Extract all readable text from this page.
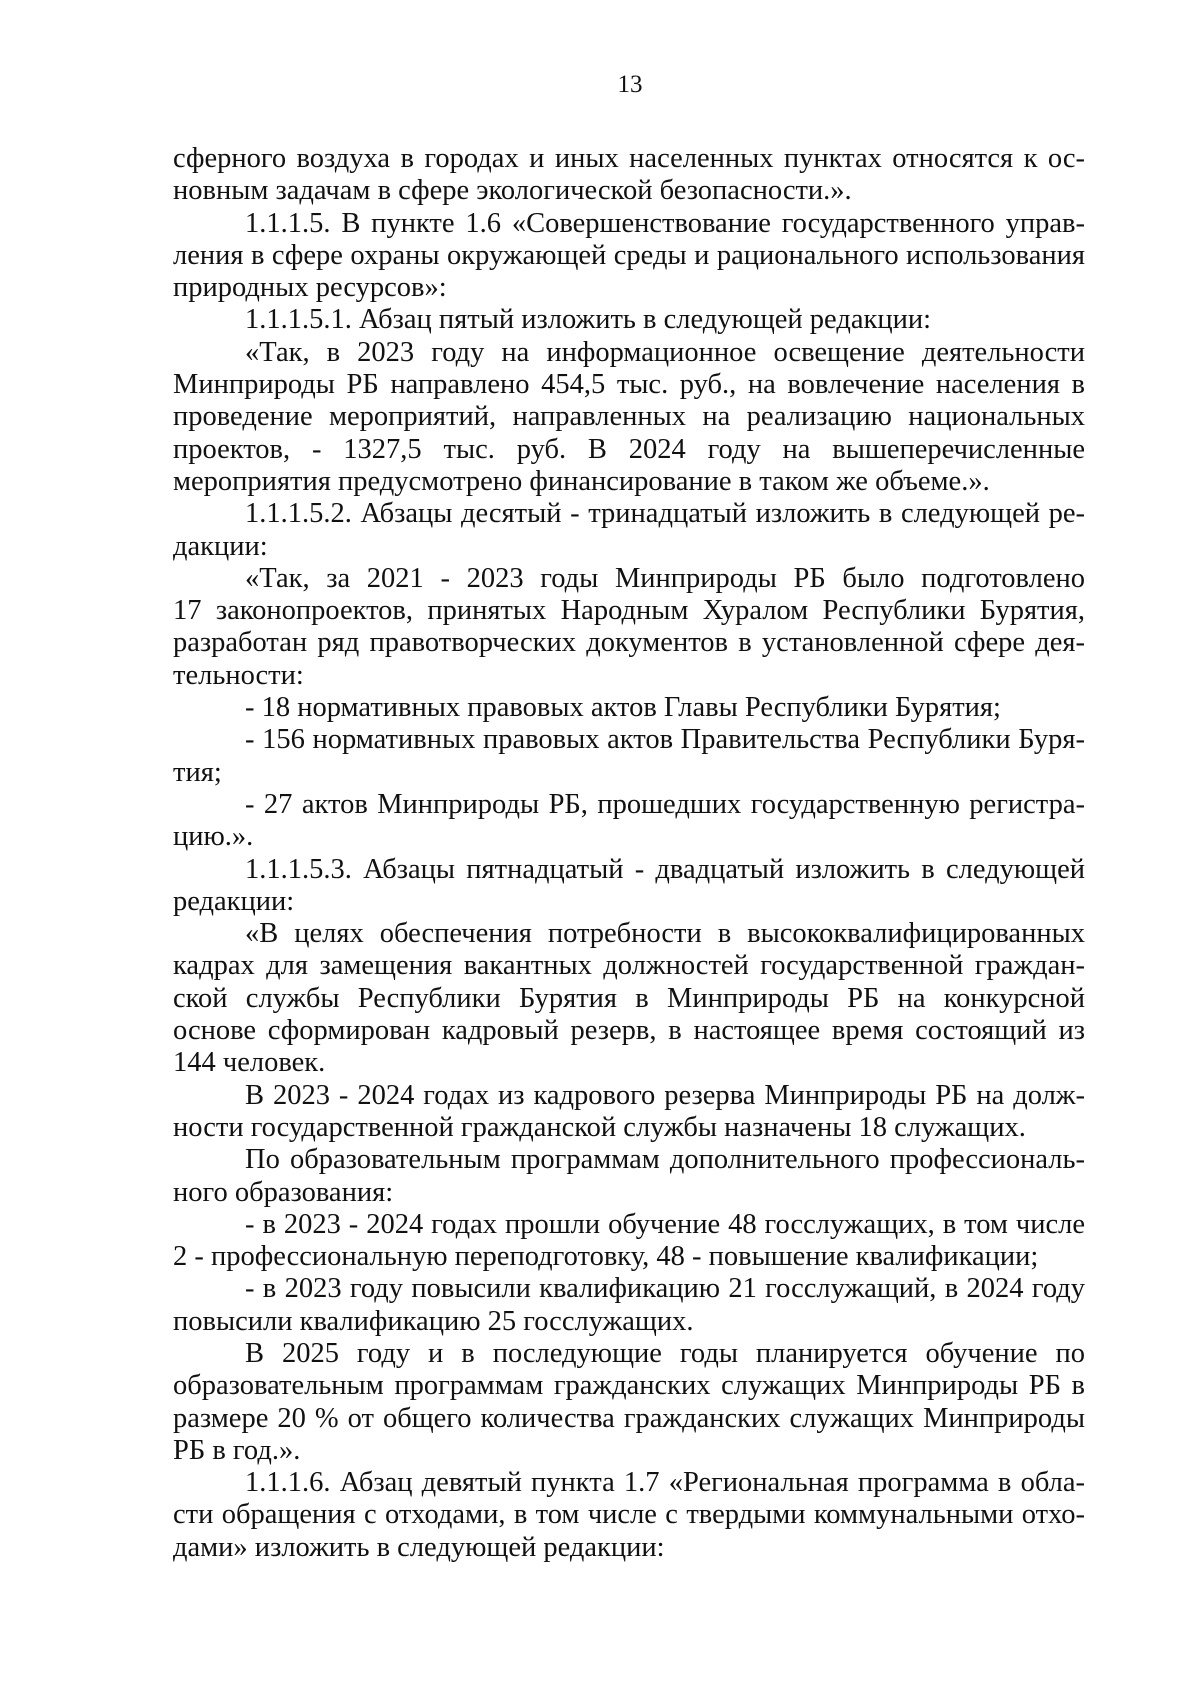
13

сферного воздуха в городах и иных населенных пунктах относятся к основным задачам в сфере экологической безопасности.».

1.1.1.5. В пункте 1.6 «Совершенствование государственного управления в сфере охраны окружающей среды и рационального использования природных ресурсов»:

1.1.1.5.1. Абзац пятый изложить в следующей редакции:

«Так, в 2023 году на информационное освещение деятельности Минприроды РБ направлено 454,5 тыс. руб., на вовлечение населения в проведение мероприятий, направленных на реализацию национальных проектов, - 1327,5 тыс. руб. В 2024 году на вышеперечисленные мероприятия предусмотрено финансирование в таком же объеме.».

1.1.1.5.2. Абзацы десятый - тринадцатый изложить в следующей редакции:

«Так, за 2021 - 2023 годы Минприроды РБ было подготовлено 17 законопроектов, принятых Народным Хуралом Республики Бурятия, разработан ряд правотворческих документов в установленной сфере деятельности:

- 18 нормативных правовых актов Главы Республики Бурятия;

- 156 нормативных правовых актов Правительства Республики Бурятия;

- 27 актов Минприроды РБ, прошедших государственную регистрацию.».

1.1.1.5.3. Абзацы пятнадцатый - двадцатый изложить в следующей редакции:

«В целях обеспечения потребности в высококвалифицированных кадрах для замещения вакантных должностей государственной гражданской службы Республики Бурятия в Минприроды РБ на конкурсной основе сформирован кадровый резерв, в настоящее время состоящий из 144 человек.

В 2023 - 2024 годах из кадрового резерва Минприроды РБ на должности государственной гражданской службы назначены 18 служащих.

По образовательным программам дополнительного профессионального образования:

- в 2023 - 2024 годах прошли обучение 48 госслужащих, в том числе 2 - профессиональную переподготовку, 48 - повышение квалификации;

- в 2023 году повысили квалификацию 21 госслужащий, в 2024 году повысили квалификацию 25 госслужащих.

В 2025 году и в последующие годы планируется обучение по образовательным программам гражданских служащих Минприроды РБ в размере 20 % от общего количества гражданских служащих Минприроды РБ в год.».

1.1.1.6. Абзац девятый пункта 1.7 «Региональная программа в области обращения с отходами, в том числе с твердыми коммунальными отходами» изложить в следующей редакции:
